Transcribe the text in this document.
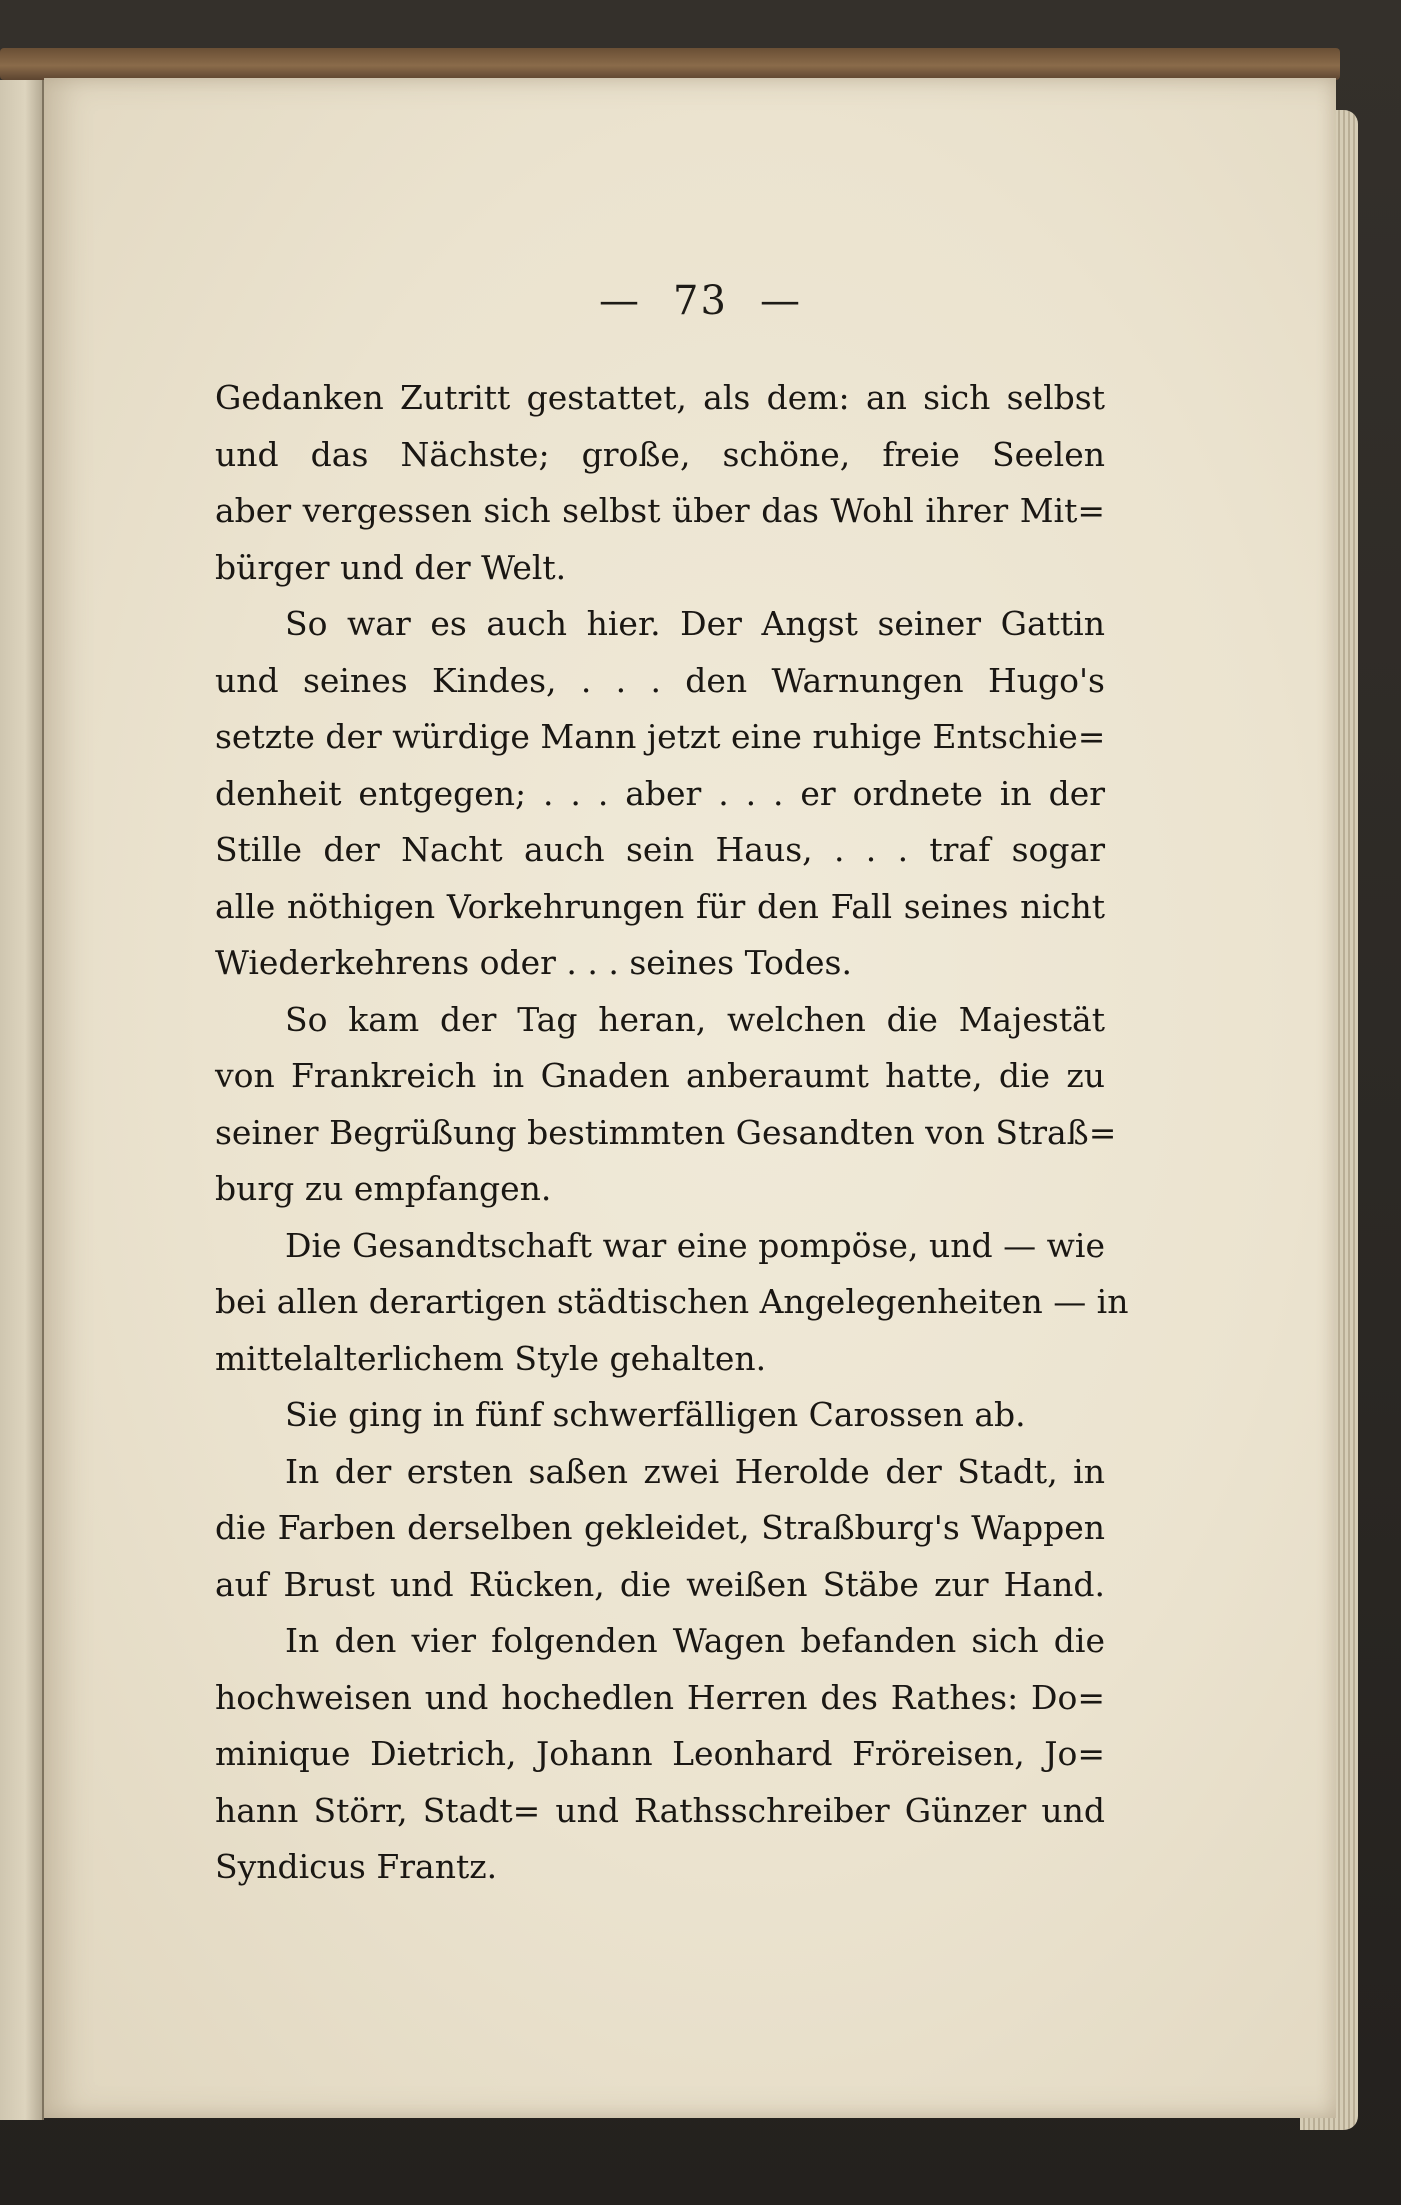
— 73 —
Gedanken Zutritt gestattet, als dem: an sich selbst
und das Nächste; große, schöne, freie Seelen
aber vergessen sich selbst über das Wohl ihrer Mit=
bürger und der Welt.
So war es auch hier. Der Angst seiner Gattin
und seines Kindes, . . . den Warnungen Hugo's
setzte der würdige Mann jetzt eine ruhige Entschie=
denheit entgegen; . . . aber . . . er ordnete in der
Stille der Nacht auch sein Haus, . . . traf sogar
alle nöthigen Vorkehrungen für den Fall seines nicht
Wiederkehrens oder . . . seines Todes.
So kam der Tag heran, welchen die Majestät
von Frankreich in Gnaden anberaumt hatte, die zu
seiner Begrüßung bestimmten Gesandten von Straß=
burg zu empfangen.
Die Gesandtschaft war eine pompöse, und — wie
bei allen derartigen städtischen Angelegenheiten — in
mittelalterlichem Style gehalten.
Sie ging in fünf schwerfälligen Carossen ab.
In der ersten saßen zwei Herolde der Stadt, in
die Farben derselben gekleidet, Straßburg's Wappen
auf Brust und Rücken, die weißen Stäbe zur Hand.
In den vier folgenden Wagen befanden sich die
hochweisen und hochedlen Herren des Rathes: Do=
minique Dietrich, Johann Leonhard Fröreisen, Jo=
hann Störr, Stadt= und Rathsschreiber Günzer und
Syndicus Frantz.
